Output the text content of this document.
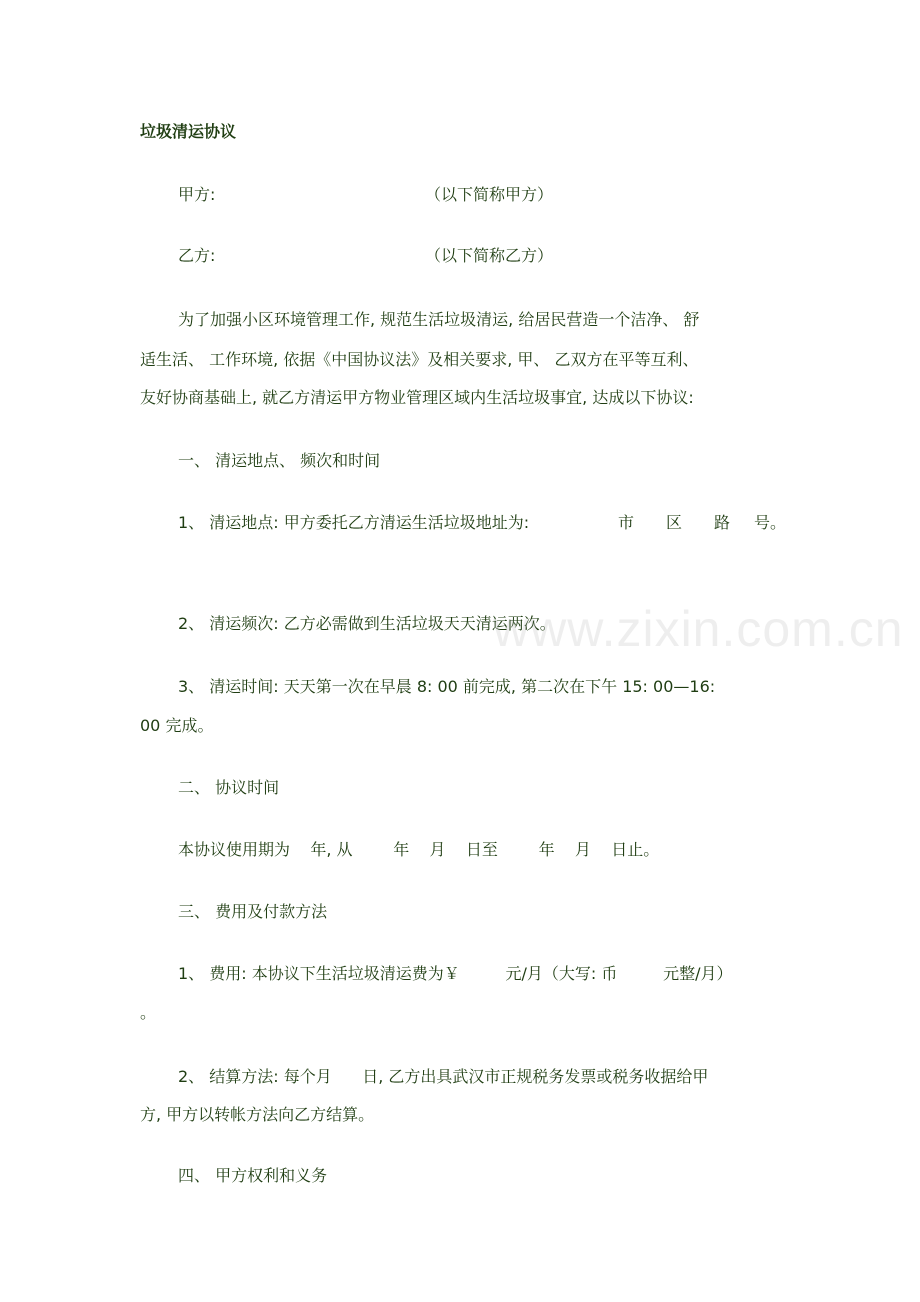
垃圾清运协议
甲方:	（以下简称甲方）
乙方:	（以下简称乙方）
为了加强小区环境管理工作, 规范生活垃圾清运, 给居民营造一个洁净、 舒
适生活、 工作环境, 依据《中国协议法》及相关要求, 甲、 乙双方在平等互利、
友好协商基础上, 就乙方清运甲方物业管理区域内生活垃圾事宜, 达成以下协议:
一、 清运地点、 频次和时间
1、 清运地点: 甲方委托乙方清运生活垃圾地址为:	市 区 路 号。
2、 清运频次: 乙方必需做到生活垃圾天天清运两次。
3、 清运时间: 天天第一次在早晨 8: 00 前完成, 第二次在下午 15: 00—16:
00 完成。
二、 协议时间
本协议使用期为    年, 从        年    月    日至        年    月    日止。
三、 费用及付款方法
1、 费用: 本协议下生活垃圾清运费为￥         元/月（大写: 币         元整/月）
。
2、 结算方法: 每个月      日, 乙方出具武汉市正规税务发票或税务收据给甲
方, 甲方以转帐方法向乙方结算。
四、 甲方权利和义务
www.zixin.com.cn
